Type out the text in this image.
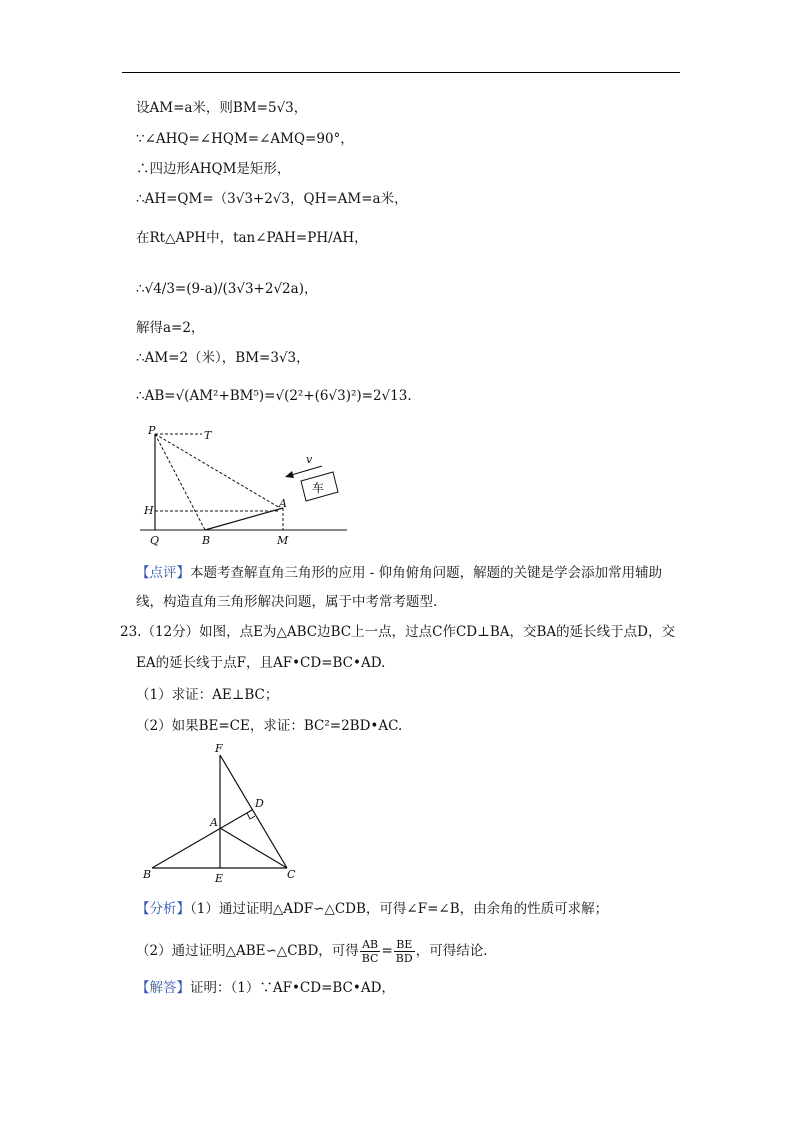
设AM=a米，则BM=5√3，
∵∠AHQ=∠HQM=∠AMQ=90°，
∴四边形AHQM是矩形，
∴AH=QM=（3√3+2√3，QH=AM=a米，
在Rt△APH中，tan∠PAH=PH/AH，
∴√4/3=(9-a)/(3√3+2√2a)，
解得a=2，
∴AM=2（米），BM=3√3，
∴AB=√(AM²+BM⁵)=√(2²+(6√3)²)=2√13.
P	T
v
车
A
H
Q	B	M
【点评】本题考查解直角三角形的应用 - 仰角俯角问题，解题的关键是学会添加常用辅助
线，构造直角三角形解决问题，属于中考常考题型.
23.（12分）如图，点E为△ABC边BC上一点，过点C作CD⊥BA，交BA的延长线于点D，交
EA的延长线于点F，且AF•CD=BC•AD.
（1）求证：AE⊥BC；
（2）如果BE=CE，求证：BC²=2BD•AC.
F
D
A
B	E	C
【分析】（1）通过证明△ADF∽△CDB，可得∠F=∠B，由余角的性质可求解；
（2）通过证明△ABE∽△CBD，可得 $\frac{AB}{BC} = \frac{BE}{BD}$ ，可得结论.
【解答】证明：（1）∵AF•CD=BC•AD，
